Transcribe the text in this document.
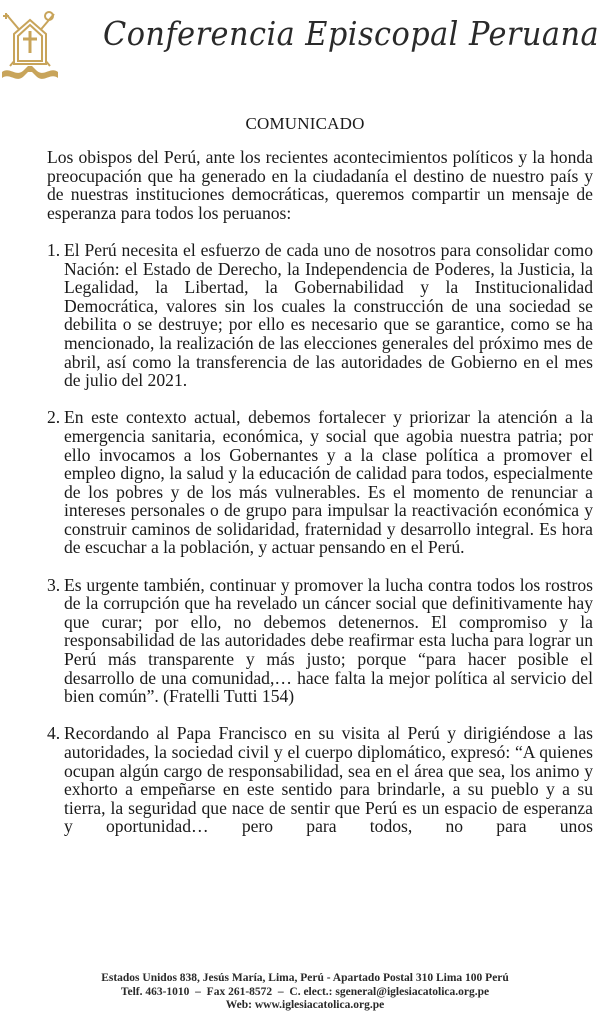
Conferencia Episcopal Peruana
COMUNICADO

Los obispos del Perú, ante los recientes acontecimientos políticos y la honda preocupación que ha generado en la ciudadanía el destino de nuestro país y de nuestras instituciones democráticas, queremos compartir un mensaje de esperanza para todos los peruanos:

1. El Perú necesita el esfuerzo de cada uno de nosotros para consolidar como Nación: el Estado de Derecho, la Independencia de Poderes, la Justicia, la Legalidad, la Libertad, la Gobernabilidad y la Institucionalidad Democrática, valores sin los cuales la construcción de una sociedad se debilita o se destruye; por ello es necesario que se garantice, como se ha mencionado, la realización de las elecciones generales del próximo mes de abril, así como la transferencia de las autoridades de Gobierno en el mes de julio del 2021.
2. En este contexto actual, debemos fortalecer y priorizar la atención a la emergencia sanitaria, económica, y social que agobia nuestra patria; por ello invocamos a los Gobernantes y a la clase política a promover el empleo digno, la salud y la educación de calidad para todos, especialmente de los pobres y de los más vulnerables. Es el momento de renunciar a intereses personales o de grupo para impulsar la reactivación económica y construir caminos de solidaridad, fraternidad y desarrollo integral. Es hora de escuchar a la población, y actuar pensando en el Perú.
3. Es urgente también, continuar y promover la lucha contra todos los rostros de la corrupción que ha revelado un cáncer social que definitivamente hay que curar; por ello, no debemos detenernos. El compromiso y la responsabilidad de las autoridades debe reafirmar esta lucha para lograr un Perú más transparente y más justo; porque “para hacer posible el desarrollo de una comunidad,… hace falta la mejor política al servicio del bien común”. (Fratelli Tutti 154)
4. Recordando al Papa Francisco en su visita al Perú y dirigiéndose a las autoridades, la sociedad civil y el cuerpo diplomático, expresó: “A quienes ocupan algún cargo de responsabilidad, sea en el área que sea, los animo y exhorto a empeñarse en este sentido para brindarle, a su pueblo y a su tierra, la seguridad que nace de sentir que Perú es un espacio de esperanza y oportunidad… pero para todos, no para unos
Estados Unidos 838, Jesús María, Lima, Perú - Apartado Postal 310 Lima 100 Perú
Telf. 463-1010  –  Fax 261-8572  –  C. elect.: sgeneral@iglesiacatolica.org.pe
Web: www.iglesiacatolica.org.pe
